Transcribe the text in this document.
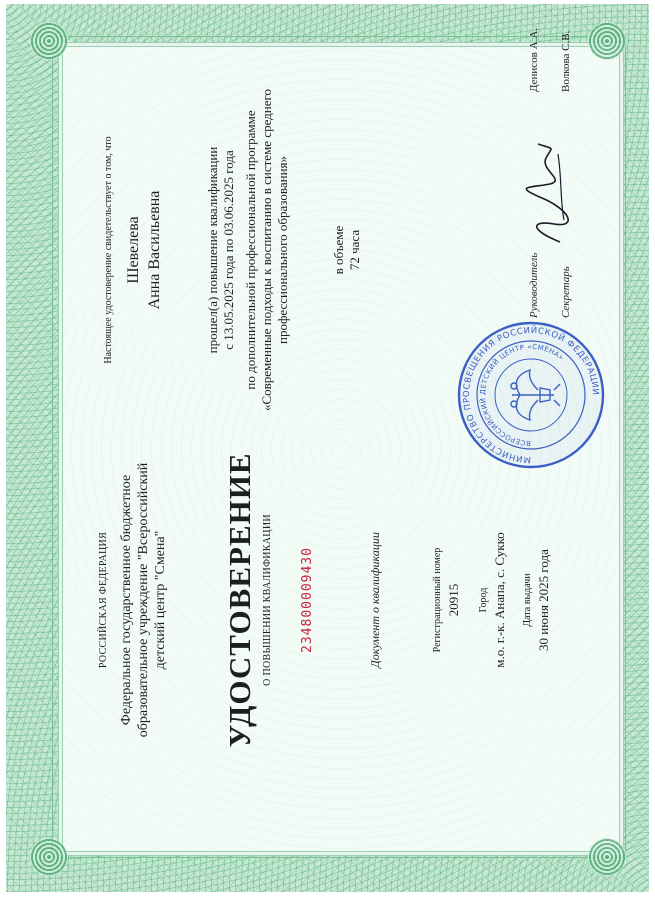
РОССИЙСКАЯ ФЕДЕРАЦИЯ Федеральное государственное бюджетное образовательное учреждение "Всероссийский детский центр "Смена" УДОСТОВЕРЕНИЕ О ПОВЫШЕНИИ КВАЛИФИКАЦИИ 234800009430	Документ о квалификации	Регистрационный номер 20915 Город м.о. г.-к. Анапа, с. Сукко Дата выдачи 30 июня 2025 года
Настоящее удостоверение свидетельствует о том, что Шевелева Анна Васильевна	прошел(а) повышение квалификации с 13.05.2025 года по 03.06.2025 года по дополнительной профессиональной программе «Современные подходы к воспитанию в системе среднего профессионального образования»	в объеме 72 часа
Руководитель
Денисов А.А.
Секретарь
Волкова С.В.
МИНИСТЕРСТВО ПРОСВЕЩЕНИЯ РОССИЙСКОЙ ФЕДЕРАЦИИ
ВСЕРОССИЙСКИЙ ДЕТСКИЙ ЦЕНТР «СМЕНА»
